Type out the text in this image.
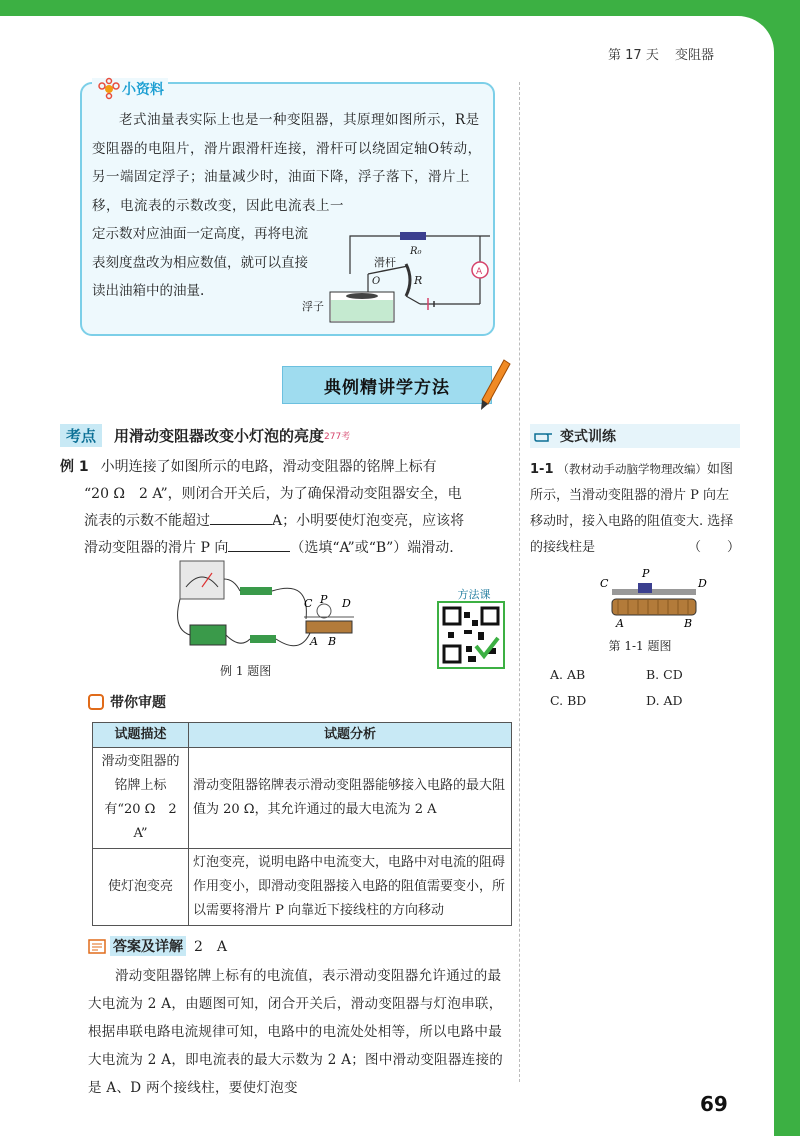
第 17 天 变阻器
小资料

老式油量表实际上也是一种变阻器，其原理如图所示，R是变阻器的电阻片，滑片跟滑杆连接，滑杆可以绕固定轴O转动，另一端固定浮子；油量减少时，油面下降，浮子落下，滑片上移，电流表的示数改变，因此电流表上一

定示数对应油面一定高度，再将电流表刻度盘改为相应数值，就可以直接读出油箱中的油量.
A
滑杆
O	R
R₀
浮子
典例精讲学方法
考点	用滑动变阻器改变小灯泡的亮度 277考
例 1 小明连接了如图所示的电路，滑动变阻器的铭牌上标有
“20 Ω　2 A”，则闭合开关后，为了确保滑动变阻器安全，电
流表的示数不能超过	A；小明要使灯泡变亮，应该将
滑动变阻器的滑片 P 向	（选填“A”或“B”）端滑动.
C P D
A B
例 1 题图
方法课
带你审题
试题描述	试题分析
滑动变阻器的铭牌上标有“20 Ω　2 A”	滑动变阻器铭牌表示滑动变阻器能够接入电路的最大阻值为 20 Ω，其允许通过的最大电流为 2 A
使灯泡变亮	灯泡变亮，说明电路中电流变大，电路中对电流的阻碍作用变小，即滑动变阻器接入电路的阻值需要变小，所以需要将滑片 P 向靠近下接线柱的方向移动
答案及详解 2　A

滑动变阻器铭牌上标有的电流值，表示滑动变阻器允许通过的最大电流为 2 A，由题图可知，闭合开关后，滑动变阻器与灯泡串联，根据串联电路电流规律可知，电路中的电流处处相等，所以电路中最大电流为 2 A，即电流表的最大示数为 2 A；图中滑动变阻器连接的是 A、D 两个接线柱，要使灯泡变

变式训练
1-1 （教材动手动脑学物理改编）如图所示，当滑动变阻器的滑片 P 向左移动时，接入电路的阻值变大. 选择的接线柱是	（　　）
C
P
D
A	B
第 1-1 题图
A. AB	B. CD
C. BD	D. AD
69
